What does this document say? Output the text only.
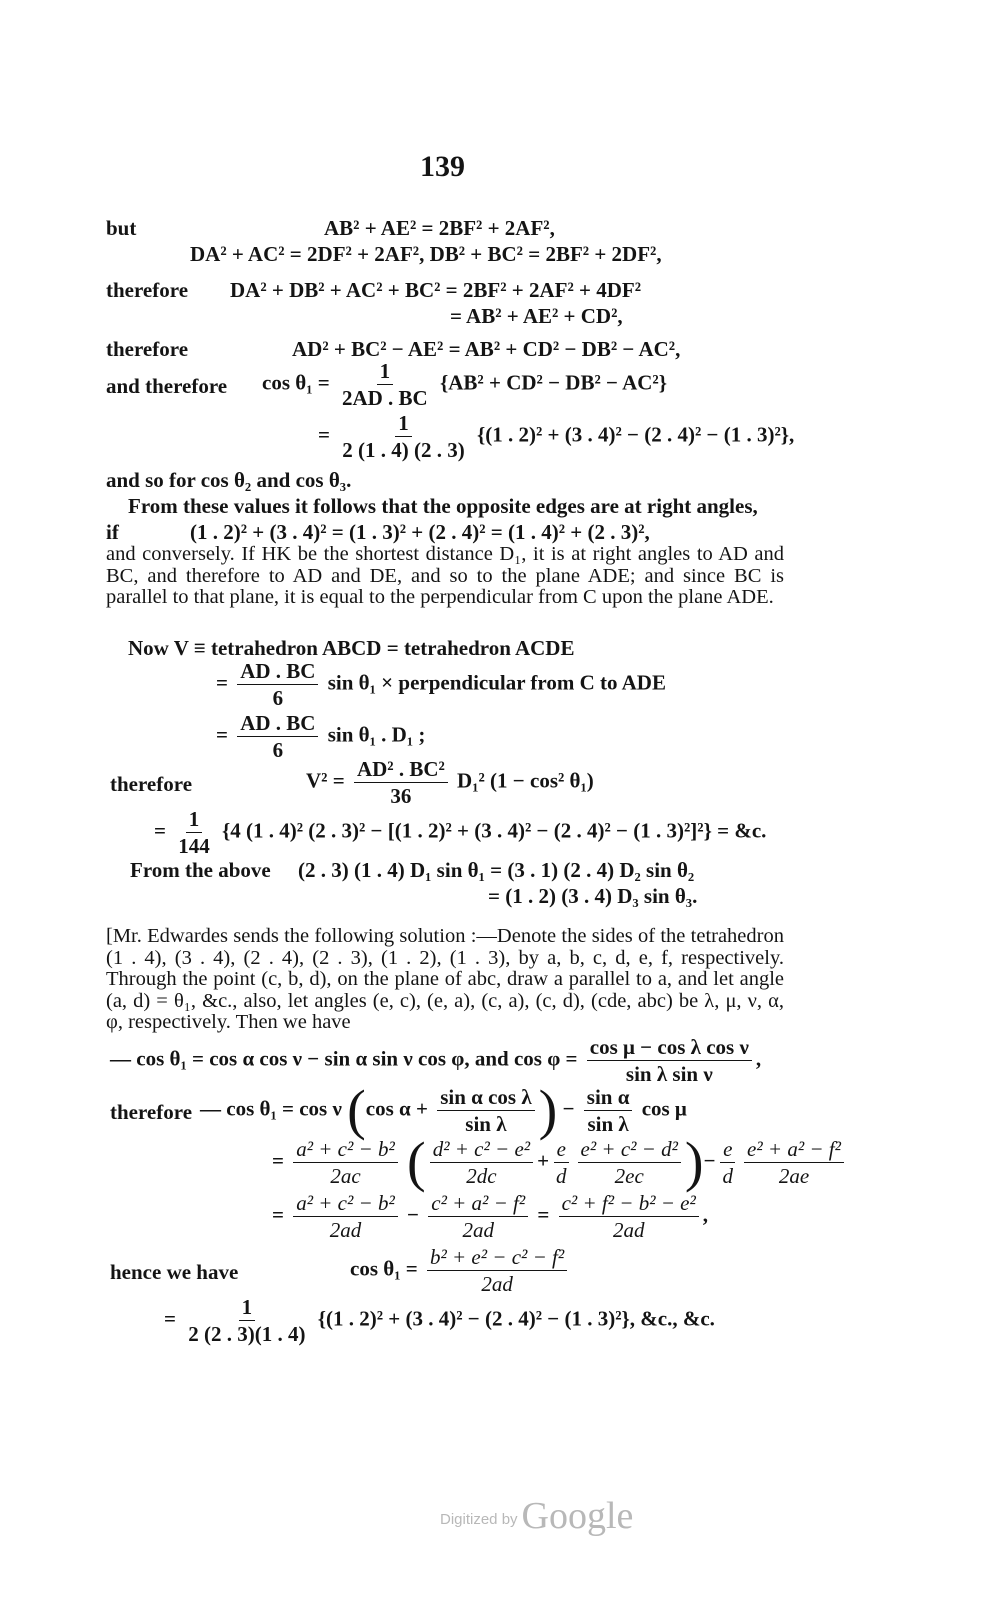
139
but	AB² + AE² = 2BF² + 2AF²,
DA² + AC² = 2DF² + 2AF², DB² + BC² = 2BF² + 2DF²,
therefore DA² + DB² + AC² + BC² = 2BF² + 2AF² + 4DF²
= AB² + AE² + CD²,
therefore	AD² + BC² − AE² = AB² + CD² − DB² − AC²,
and therefore $\cos \theta_1 = \frac{1}{2AD . BC} \{AB^2 + CD^2 - DB^2 - AC^2\}$
= $\frac{1}{2 (1 . 4) (2 . 3)} \{(1$ . 2)² + (3 . 4)² − (2 . 4)² − (1 . 3)²},
and so for cos θ₂ and cos θ₃.
From these values it follows that the opposite edges are at right angles,
if	(1 . 2)² + (3 . 4)² = (1 . 3)² + (2 . 4)² = (1 . 4)² + (2 . 3)²,
and conversely. If HK be the shortest distance D₁, it is at right angles to AD and BC, and therefore to AD and DE, and so to the plane ADE; and since BC is parallel to that plane, it is equal to the perpendicular from C upon the plane ADE.
Now V ≡ tetrahedron ABCD = tetrahedron ACDE
= $\frac{AD . BC}{6}$ sin θ₁ × perpendicular from C to ADE
= $\frac{AD . BC}{6}$ sin θ₁ . D₁ ;
therefore	$V^2 = \frac{\text{AD² . BC²}}{36} D_1^2$ (1 − cos² θ₁)
= $\frac{1}{144} \{4$ (1 . 4)² (2 . 3)² − [(1 . 2)² + (3 . 4)² − (2 . 4)² − (1 . 3)²]²} = &c.
From the above (2 . 3) (1 . 4) D₁ sin θ₁ = (3 . 1) (2 . 4) D₂ sin θ₂
= (1 . 2) (3 . 4) D₃ sin θ₃.
[Mr. Edwardes sends the following solution :—Denote the sides of the tetrahedron (1 . 4), (3 . 4), (2 . 4), (2 . 3), (1 . 2), (1 . 3), by a, b, c, d, e, f, respectively. Through the point (c, b, d), on the plane of abc, draw a parallel to a, and let angle (a, d) = θ₁, &c., also, let angles (e, c), (e, a), (c, a), (c, d), (cde, abc) be λ, μ, ν, α, φ, respectively. Then we have
— cos θ₁ = cos α cos ν − sin α sin ν cos φ, and $\cos \varphi = \frac{\text{cos μ − cos λ cos ν}}{\text{sin λ sin ν}}$ ,
therefore — cos θ₁ = cos ν (cos $\alpha + \frac{\text{sin α cos λ}}{\text{sin λ}}$ ) − $\frac{\text{sin α}}{\text{sin λ}}$ cos μ
= $\frac{\text{a² + c² − b²}}{2ac}$ ( $\frac{\text{d² + c² − e²}}{2dc} + \frac{e}{d} \frac{\text{e² + c² − d²}}{2ec}$ )− $\frac{e}{d} \frac{\text{e² + a² − f²}}{2ae}$
= $\frac{\text{a² + c² − b²}}{2ad} - \frac{\text{c² + a² − f²}}{2ad} = \frac{\text{c² + f² − b² − e²}}{2ad}$ ,
hence we have	$\cos \theta_1 = \frac{\text{b² + e² − c² − f²}}{2ad}$
= $\frac{1}{2 (2 . 3)(1 . 4)} \{(1$ . 2)² + (3 . 4)² − (2 . 4)² − (1 . 3)²}, &c., &c.
Digitized by Google
